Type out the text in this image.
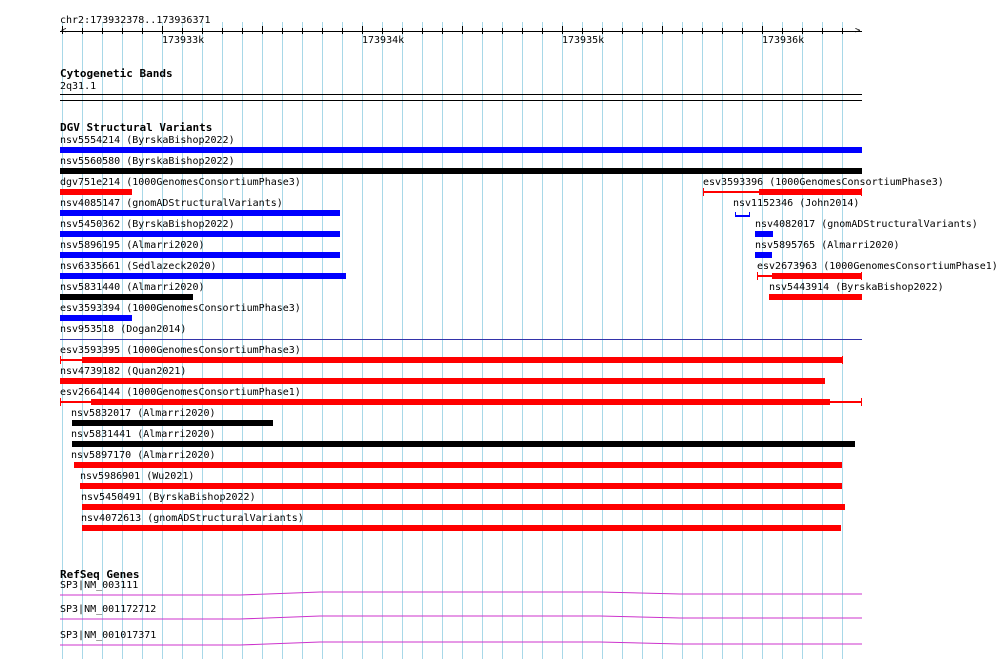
chr2:173932378..173936371
<	>
173933k	173934k	173935k	173936k
Cytogenetic Bands
2q31.1
DGV Structural Variants
nsv5554214 (ByrskaBishop2022)
nsv5560580 (ByrskaBishop2022)
dgv751e214 (1000GenomesConsortiumPhase3)	esv3593396 (1000GenomesConsortiumPhase3)
nsv4085147 (gnomADStructuralVariants)	nsv1152346 (John2014)
nsv5450362 (ByrskaBishop2022)	nsv4082017 (gnomADStructuralVariants)
nsv5896195 (Almarri2020)	nsv5895765 (Almarri2020)
nsv6335661 (Sedlazeck2020)	esv2673963 (1000GenomesConsortiumPhase1)
nsv5831440 (Almarri2020)	nsv5443914 (ByrskaBishop2022)
esv3593394 (1000GenomesConsortiumPhase3)
nsv953518 (Dogan2014)
esv3593395 (1000GenomesConsortiumPhase3)
nsv4739182 (Quan2021)
esv2664144 (1000GenomesConsortiumPhase1)
nsv5832017 (Almarri2020)
nsv5831441 (Almarri2020)
nsv5897170 (Almarri2020)
nsv5986901 (Wu2021)
nsv5450491 (ByrskaBishop2022)
nsv4072613 (gnomADStructuralVariants)
RefSeq Genes
SP3|NM_003111
SP3|NM_001172712
SP3|NM_001017371
